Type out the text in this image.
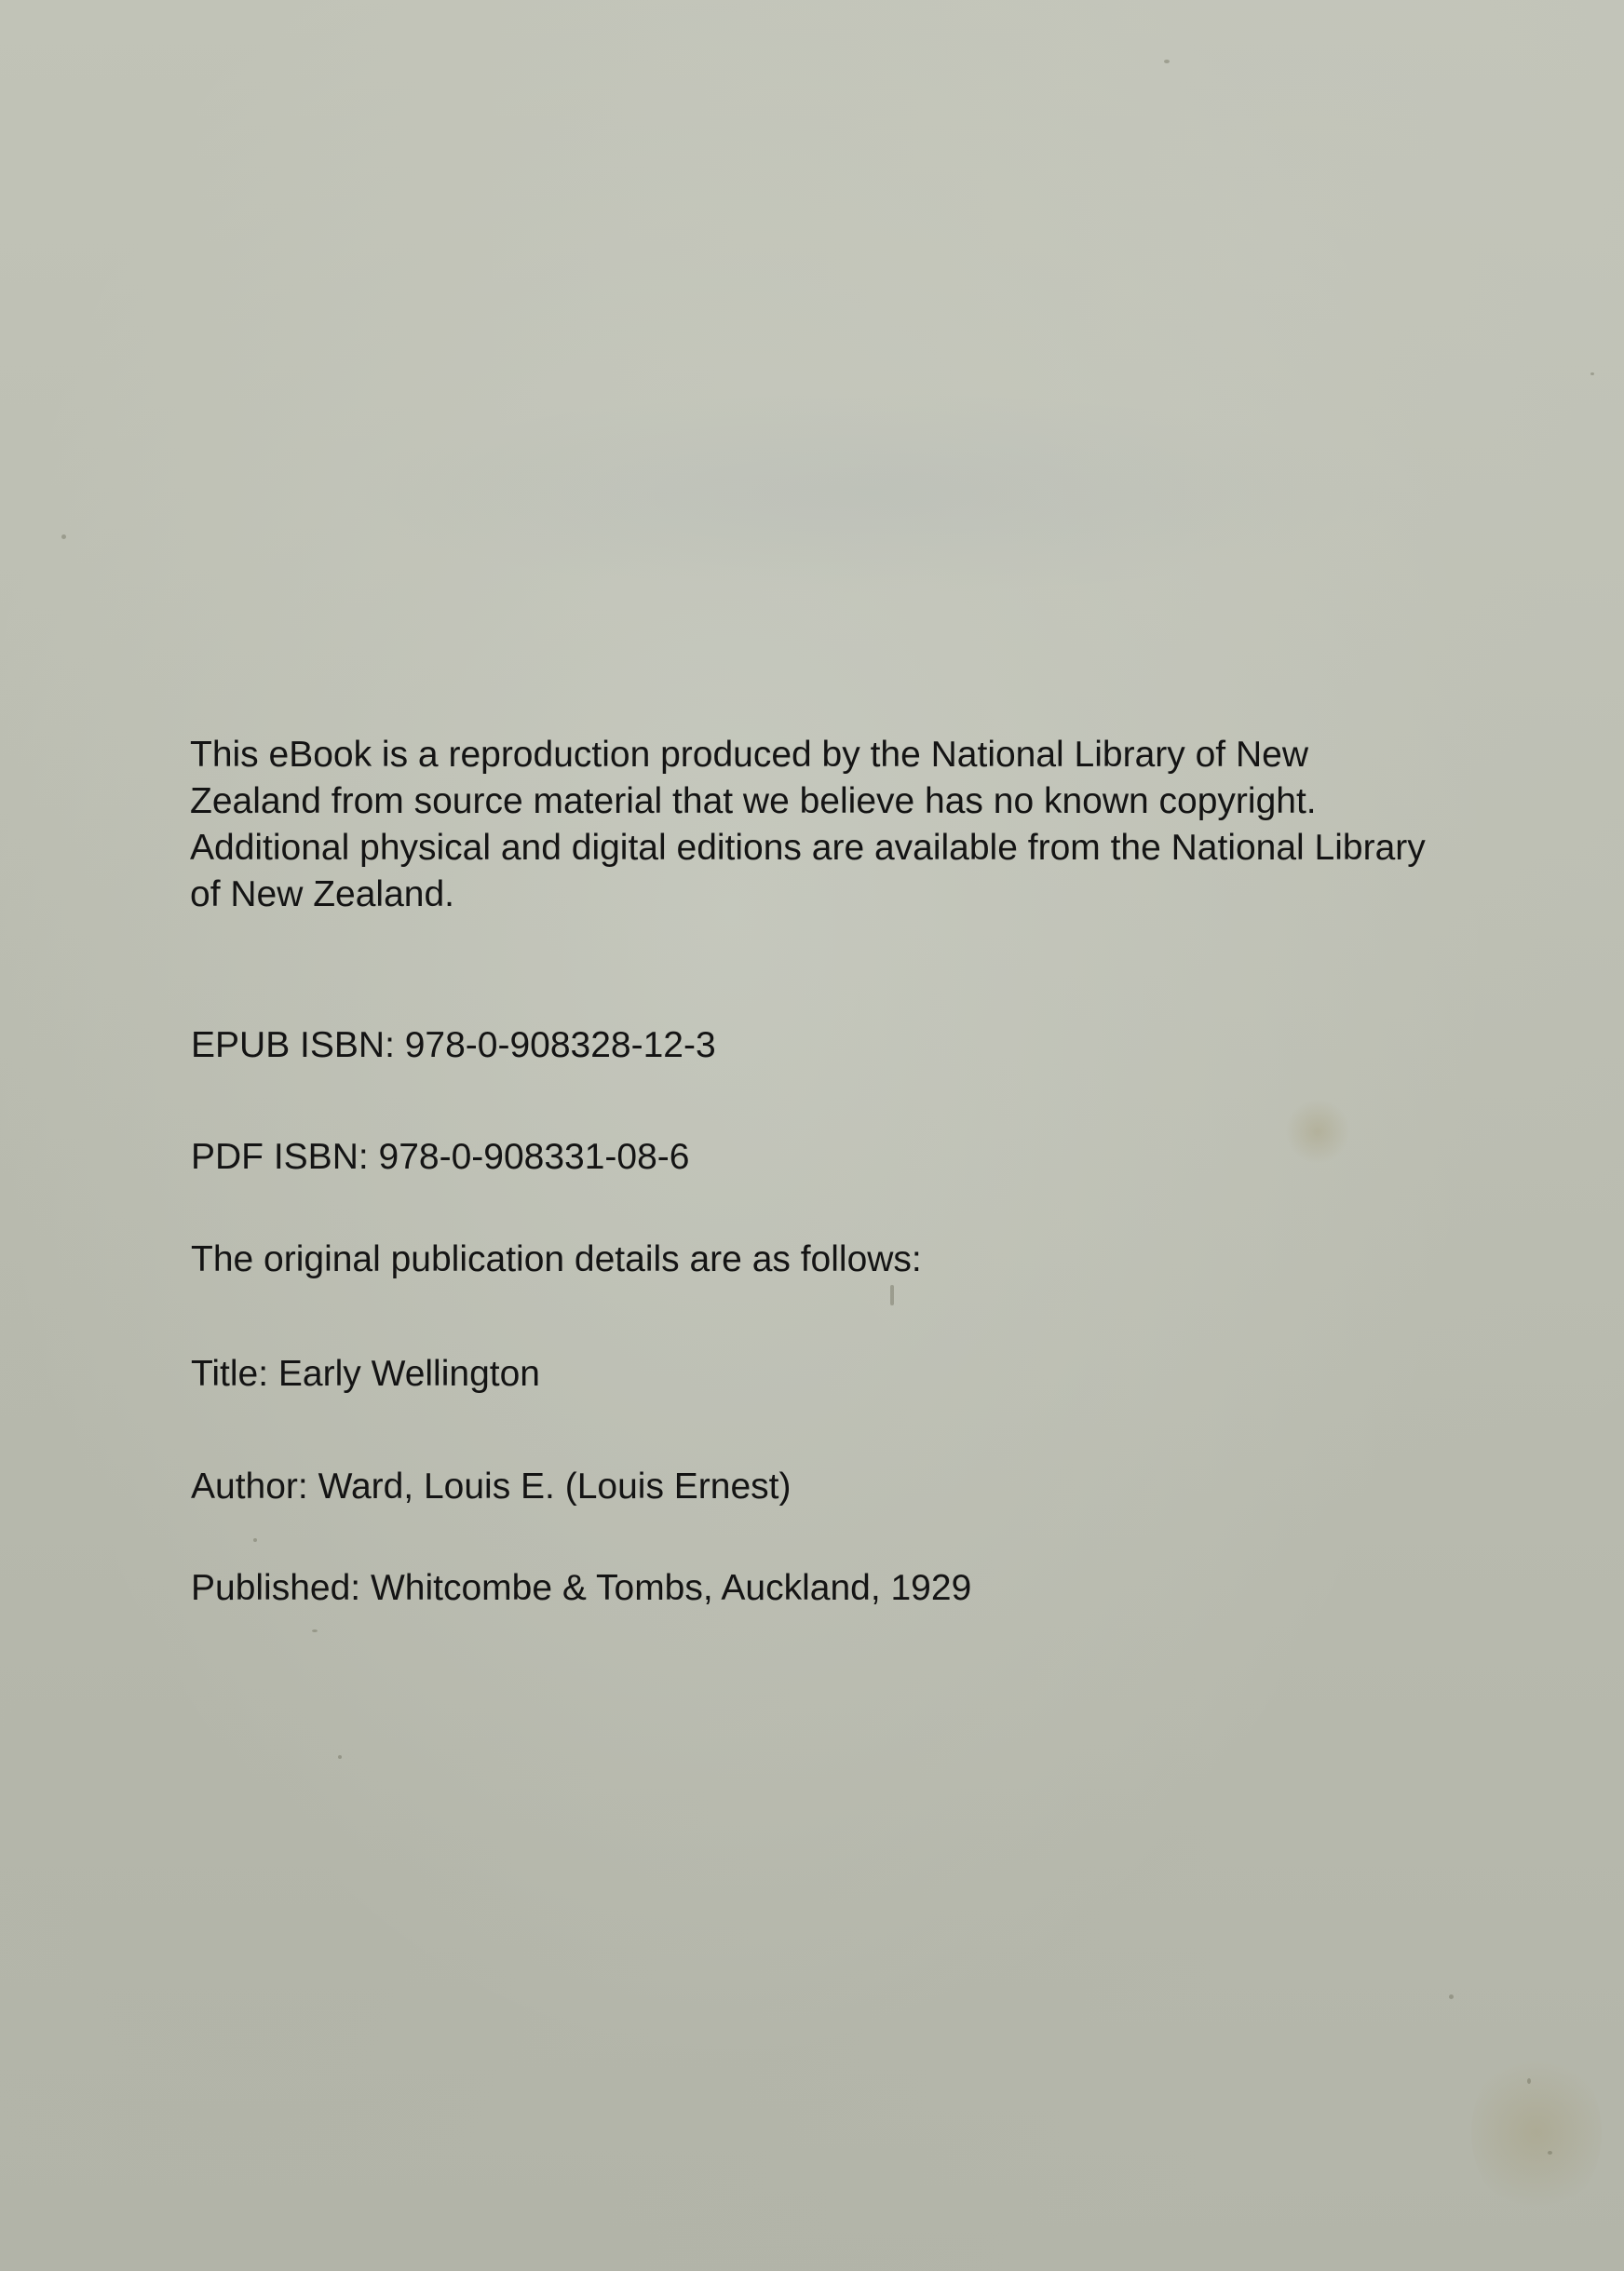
This eBook is a reproduction produced by the National Library of New Zealand from source material that we believe has no known copyright. Additional physical and digital editions are available from the National Library of New Zealand.

EPUB ISBN: 978-0-908328-12-3

PDF ISBN: 978-0-908331-08-6

The original publication details are as follows:

Title: Early Wellington

Author: Ward, Louis E. (Louis Ernest)

Published: Whitcombe & Tombs, Auckland, 1929
